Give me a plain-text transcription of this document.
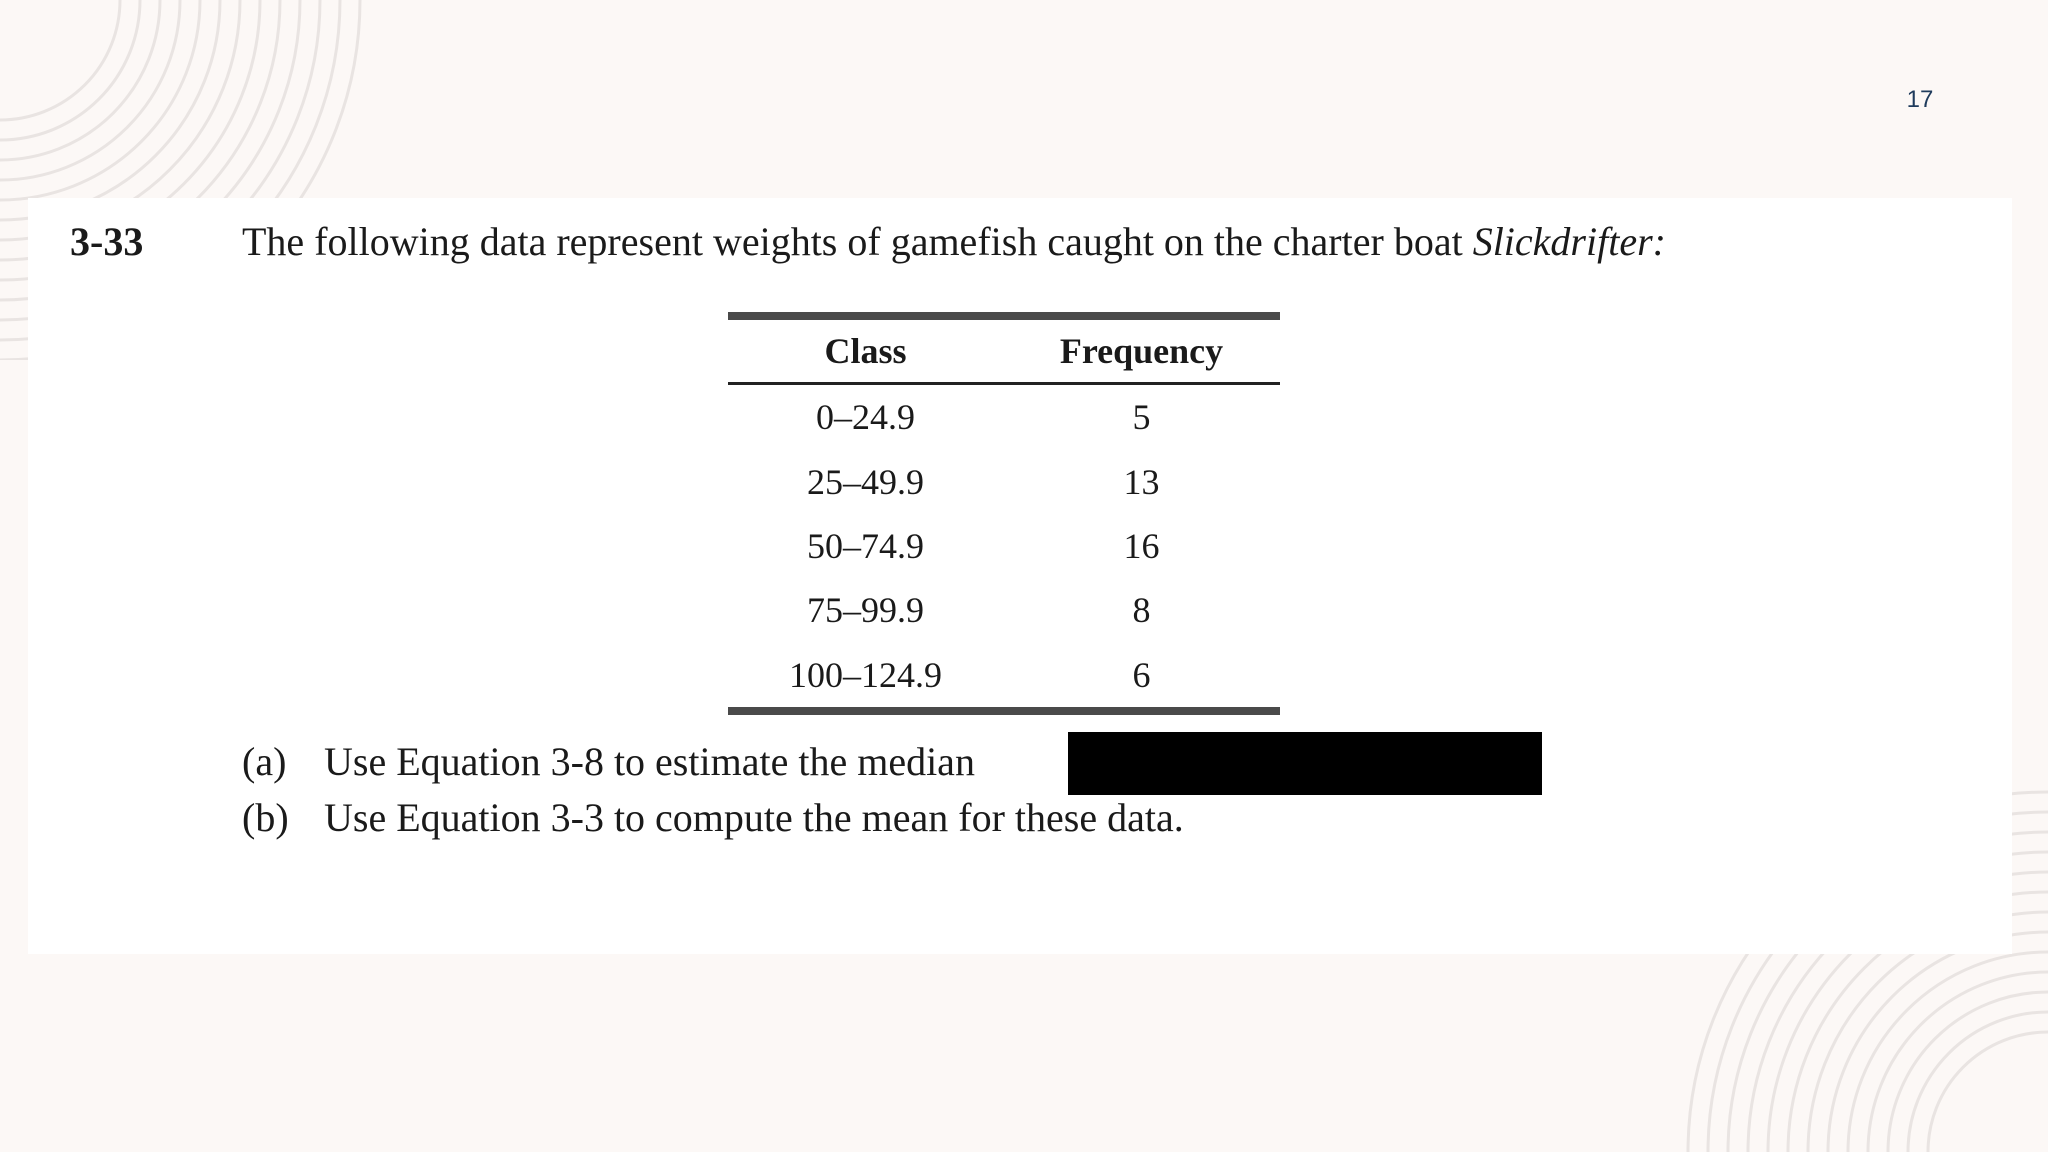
17
3-33 The following data represent weights of gamefish caught on the charter boat Slickdrifter:
Class	Frequency
0–24.9	5
25–49.9	13
50–74.9	16
75–99.9	8
100–124.9	6
(a) Use Equation 3-8 to estimate the median
(b) Use Equation 3-3 to compute the mean for these data.
